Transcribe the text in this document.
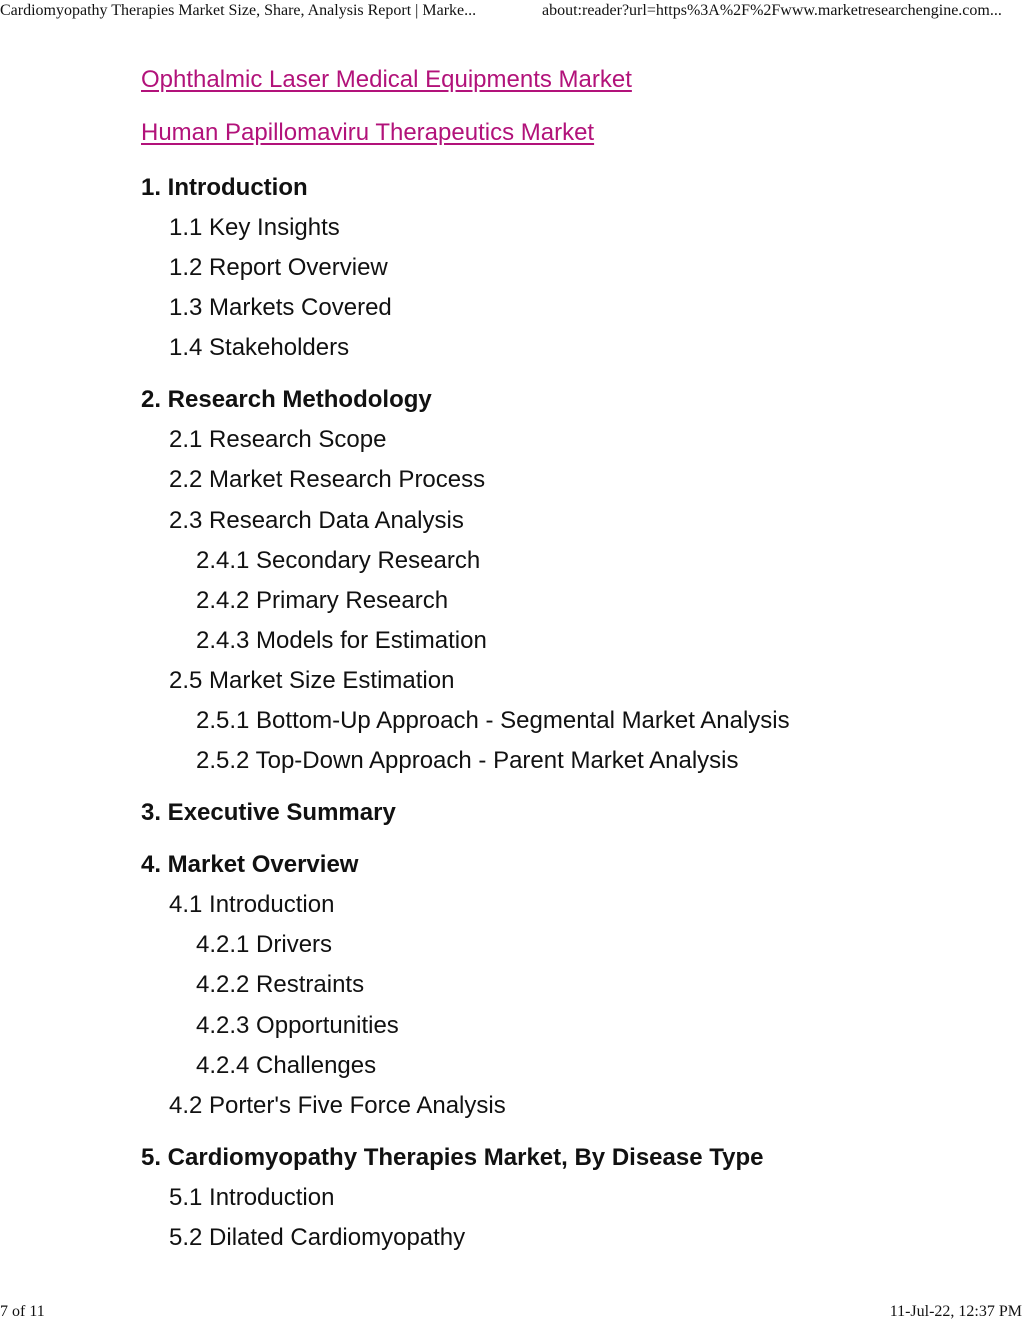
Cardiomyopathy Therapies Market Size, Share, Analysis Report | Marke...	about:reader?url=https%3A%2F%2Fwww.marketresearchengine.com...
Ophthalmic Laser Medical Equipments Market
Human Papillomaviru Therapeutics Market
1. Introduction
1.1 Key Insights
1.2 Report Overview
1.3 Markets Covered
1.4 Stakeholders
2. Research Methodology
2.1 Research Scope
2.2 Market Research Process
2.3 Research Data Analysis
2.4.1 Secondary Research
2.4.2 Primary Research
2.4.3 Models for Estimation
2.5 Market Size Estimation
2.5.1 Bottom-Up Approach - Segmental Market Analysis
2.5.2 Top-Down Approach - Parent Market Analysis
3. Executive Summary
4. Market Overview
4.1 Introduction
4.2.1 Drivers
4.2.2 Restraints
4.2.3 Opportunities
4.2.4 Challenges
4.2 Porter's Five Force Analysis
5. Cardiomyopathy Therapies Market, By Disease Type
5.1 Introduction
5.2 Dilated Cardiomyopathy
7 of 11	11-Jul-22, 12:37 PM
